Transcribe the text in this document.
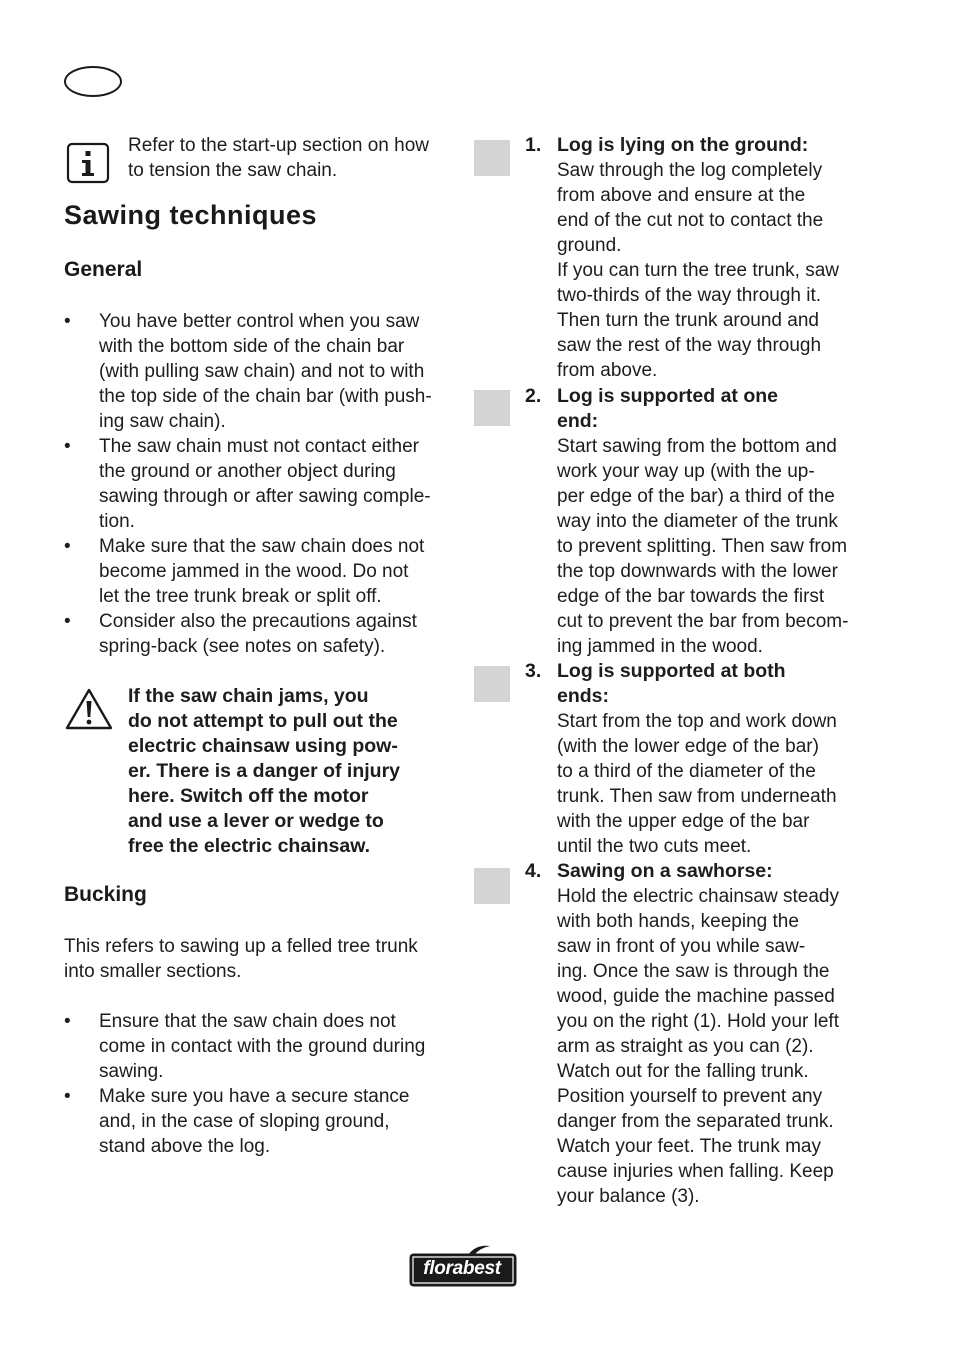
Refer to the start-up section on how
to tension the saw chain.
Sawing techniques
General
• You have better control when you saw
with the bottom side of the chain bar
(with pulling saw chain) and not to with
the top side of the chain bar (with push-
ing saw chain).
• The saw chain must not contact either
the ground or another object during
sawing through or after sawing comple-
tion.
• Make sure that the saw chain does not
become jammed in the wood. Do not
let the tree trunk break or split off.
• Consider also the precautions against
spring-back (see notes on safety).
If the saw chain jams, you
do not attempt to pull out the
electric chainsaw using pow-
er. There is a danger of injury
here. Switch off the motor
and use a lever or wedge to
free the electric chainsaw.
Bucking
This refers to sawing up a felled tree trunk
into smaller sections.
• Ensure that the saw chain does not
come in contact with the ground during
sawing.
• Make sure you have a secure stance
and, in the case of sloping ground,
stand above the log.
1. Log is lying on the ground:
Saw through the log completely
from above and ensure at the
end of the cut not to contact the
ground.
If you can turn the tree trunk, saw
two-thirds of the way through it.
Then turn the trunk around and
saw the rest of the way through
from above.
2. Log is supported at one
end:
Start sawing from the bottom and
work your way up (with the up-
per edge of the bar) a third of the
way into the diameter of the trunk
to prevent splitting. Then saw from
the top downwards with the lower
edge of the bar towards the first
cut to prevent the bar from becom-
ing jammed in the wood.
3. Log is supported at both
ends:
Start from the top and work down
(with the lower edge of the bar)
to a third of the diameter of the
trunk. Then saw from underneath
with the upper edge of the bar
until the two cuts meet.
4. Sawing on a sawhorse:
Hold the electric chainsaw steady
with both hands, keeping the
saw in front of you while saw-
ing. Once the saw is through the
wood, guide the machine passed
you on the right (1). Hold your left
arm as straight as you can (2).
Watch out for the falling trunk.
Position yourself to prevent any
danger from the separated trunk.
Watch your feet. The trunk may
cause injuries when falling. Keep
your balance (3).
florabest
